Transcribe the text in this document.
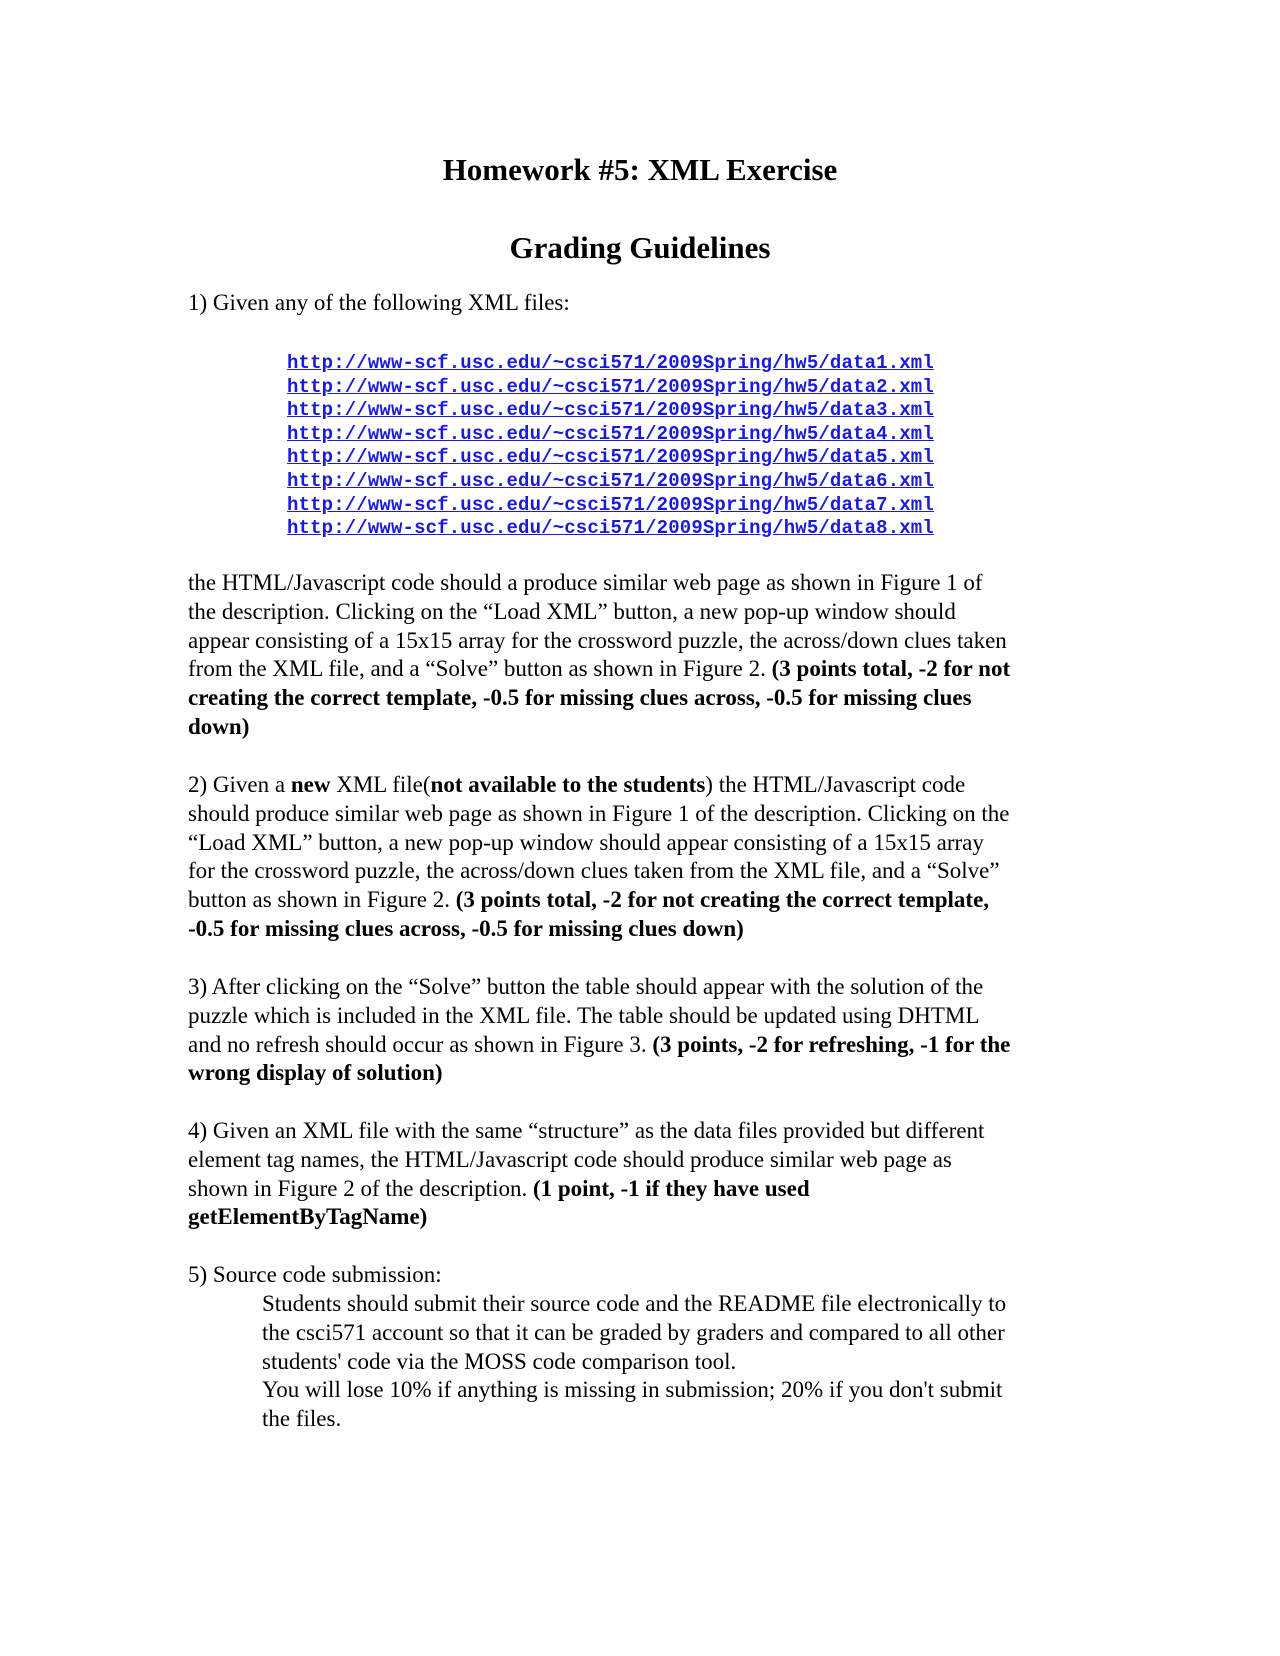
Homework #5: XML Exercise
Grading Guidelines

1) Given any of the following XML files:

http://www-scf.usc.edu/~csci571/2009Spring/hw5/data1.xml
http://www-scf.usc.edu/~csci571/2009Spring/hw5/data2.xml
http://www-scf.usc.edu/~csci571/2009Spring/hw5/data3.xml
http://www-scf.usc.edu/~csci571/2009Spring/hw5/data4.xml
http://www-scf.usc.edu/~csci571/2009Spring/hw5/data5.xml
http://www-scf.usc.edu/~csci571/2009Spring/hw5/data6.xml
http://www-scf.usc.edu/~csci571/2009Spring/hw5/data7.xml
http://www-scf.usc.edu/~csci571/2009Spring/hw5/data8.xml
the HTML/Javascript code should a produce similar web page as shown in Figure 1 of
the description. Clicking on the “Load XML” button, a new pop-up window should
appear consisting of a 15x15 array for the crossword puzzle, the across/down clues taken
from the XML file, and a “Solve” button as shown in Figure 2. (3 points total, -2 for not
creating the correct template, -0.5 for missing clues across, -0.5 for missing clues
down)
2) Given a new XML file(not available to the students) the HTML/Javascript code
should produce similar web page as shown in Figure 1 of the description. Clicking on the
“Load XML” button, a new pop-up window should appear consisting of a 15x15 array
for the crossword puzzle, the across/down clues taken from the XML file, and a “Solve”
button as shown in Figure 2. (3 points total, -2 for not creating the correct template,
-0.5 for missing clues across, -0.5 for missing clues down)
3) After clicking on the “Solve” button the table should appear with the solution of the
puzzle which is included in the XML file. The table should be updated using DHTML
and no refresh should occur as shown in Figure 3. (3 points, -2 for refreshing, -1 for the
wrong display of solution)
4) Given an XML file with the same “structure” as the data files provided but different
element tag names, the HTML/Javascript code should produce similar web page as
shown in Figure 2 of the description. (1 point, -1 if they have used
getElementByTagName)

5) Source code submission:

Students should submit their source code and the README file electronically to
the csci571 account so that it can be graded by graders and compared to all other
students' code via the MOSS code comparison tool.
You will lose 10% if anything is missing in submission; 20% if you don't submit
the files.
